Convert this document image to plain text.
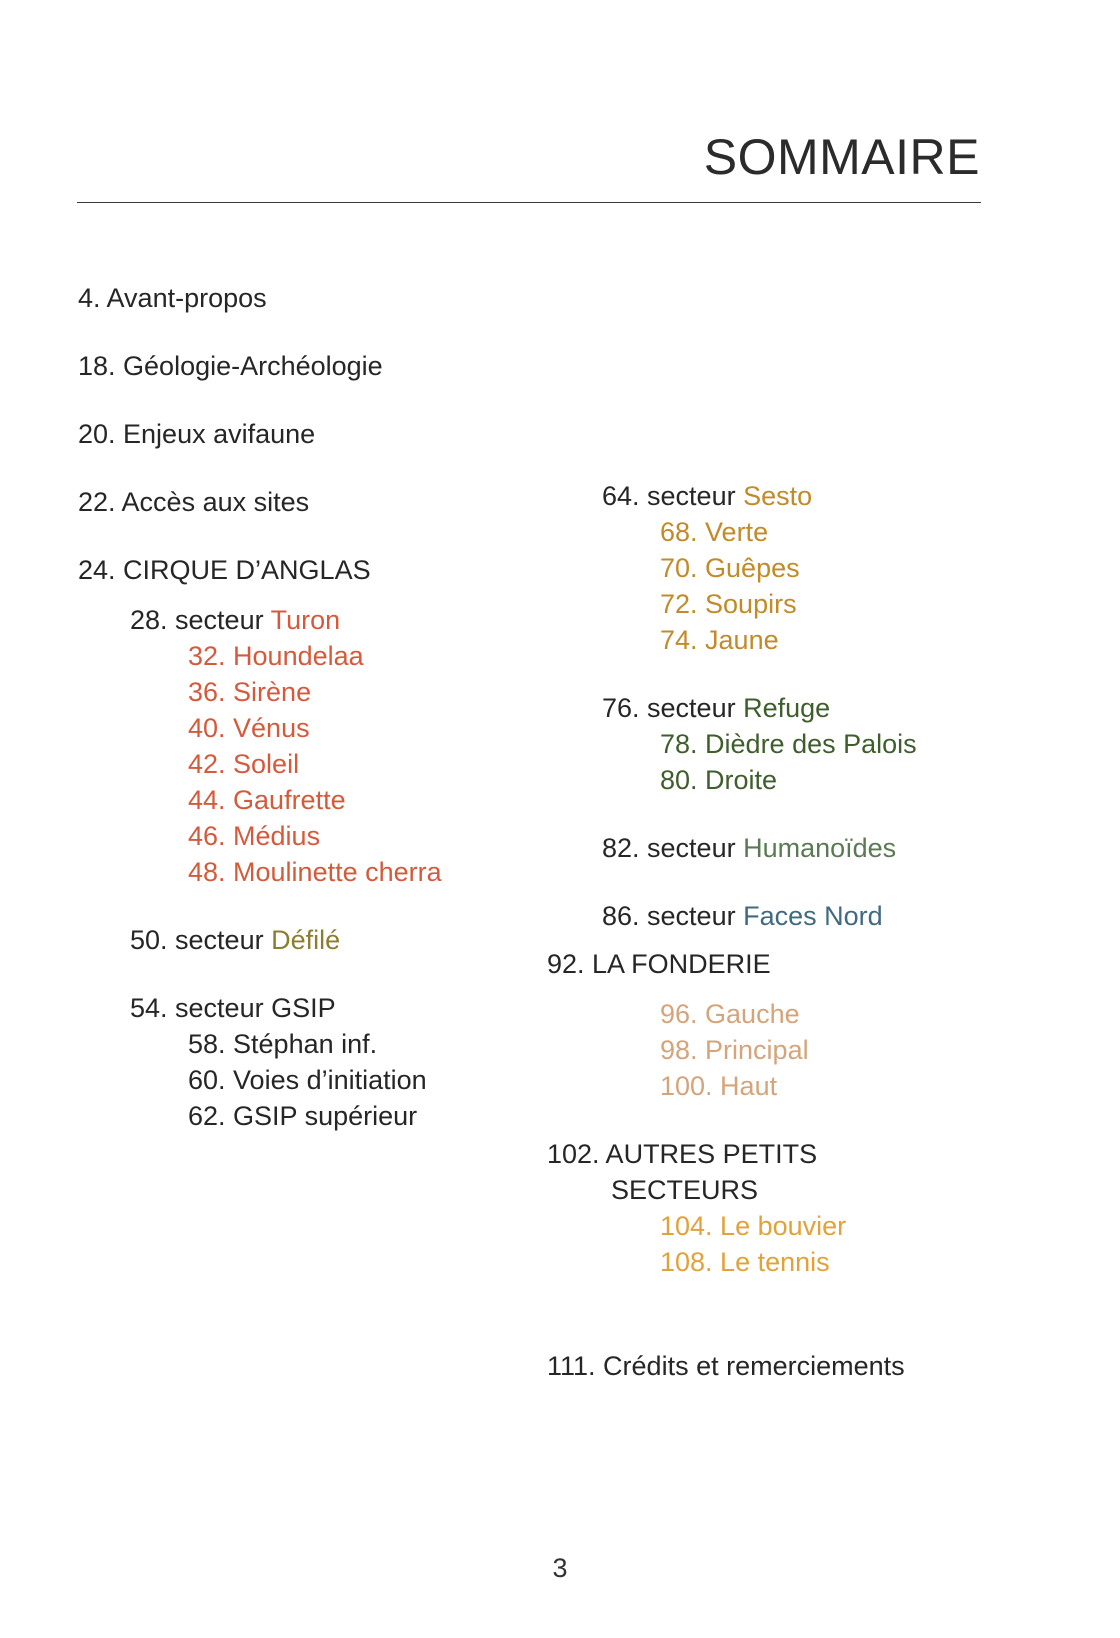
SOMMAIRE
4. Avant-propos
18. Géologie-Archéologie
20. Enjeux avifaune
22. Accès aux sites
24. CIRQUE D’ANGLAS
28. secteur Turon
32. Houndelaa
36. Sirène
40. Vénus
42. Soleil
44. Gaufrette
46. Médius
48. Moulinette cherra
50. secteur Défilé
54. secteur GSIP
58. Stéphan inf.
60. Voies d’initiation
62. GSIP supérieur
64. secteur Sesto
68. Verte
70. Guêpes
72. Soupirs
74. Jaune
76. secteur Refuge
78. Dièdre des Palois
80. Droite
82. secteur Humanoïdes
86. secteur Faces Nord
92. LA FONDERIE
96. Gauche
98. Principal
100. Haut
102. AUTRES PETITS
SECTEURS
104. Le bouvier
108. Le tennis
111. Crédits et remerciements
3
